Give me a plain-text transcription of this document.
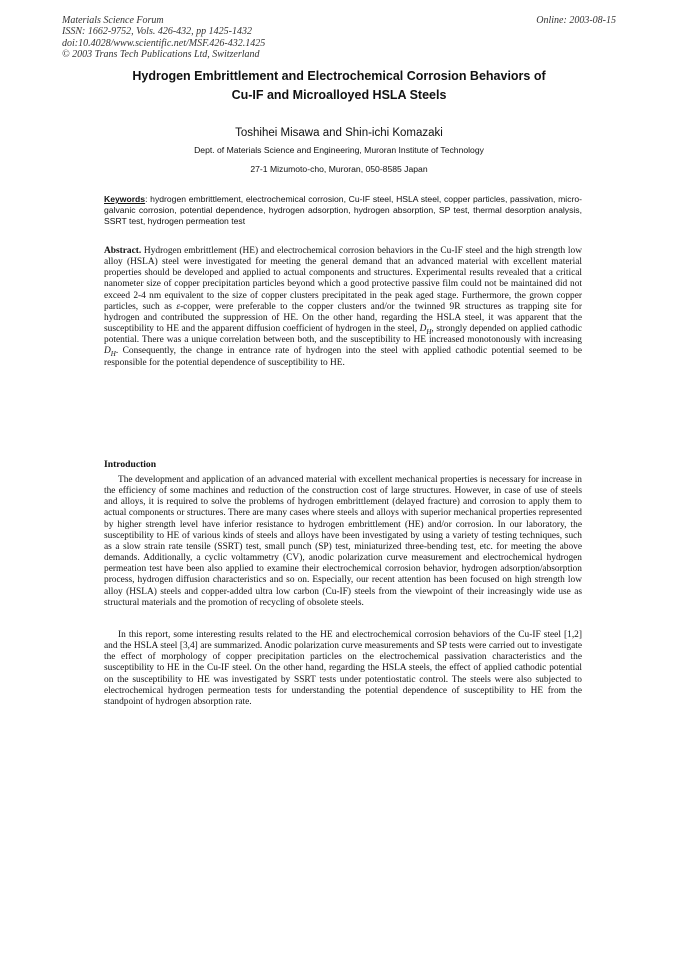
Materials Science Forum
ISSN: 1662-9752, Vols. 426-432, pp 1425-1432
doi:10.4028/www.scientific.net/MSF.426-432.1425
© 2003 Trans Tech Publications Ltd, Switzerland
Online: 2003-08-15
Hydrogen Embrittlement and Electrochemical Corrosion Behaviors of
Cu-IF and Microalloyed HSLA Steels
Toshihei Misawa and Shin-ichi Komazaki
Dept. of Materials Science and Engineering, Muroran Institute of Technology
27-1 Mizumoto-cho, Muroran, 050-8585 Japan
Keywords: hydrogen embrittlement, electrochemical corrosion, Cu-IF steel, HSLA steel, copper particles, passivation, micro-galvanic corrosion, potential dependence, hydrogen adsorption, hydrogen absorption, SP test, thermal desorption analysis, SSRT test, hydrogen permeation test
Abstract. Hydrogen embrittlement (HE) and electrochemical corrosion behaviors in the Cu-IF steel and the high strength low alloy (HSLA) steel were investigated for meeting the general demand that an advanced material with excellent material properties should be developed and applied to actual components and structures. Experimental results revealed that a critical nanometer size of copper precipitation particles beyond which a good protective passive film could not be maintained did not exceed 2-4 nm equivalent to the size of copper clusters precipitated in the peak aged stage. Furthermore, the grown copper particles, such as ε-copper, were preferable to the copper clusters and/or the twinned 9R structures as trapping site for hydrogen and contributed the suppression of HE. On the other hand, regarding the HSLA steel, it was apparent that the susceptibility to HE and the apparent diffusion coefficient of hydrogen in the steel, $D_H$, strongly depended on applied cathodic potential. There was a unique correlation between both, and the susceptibility to HE increased monotonously with increasing $D_H$. Consequently, the change in entrance rate of hydrogen into the steel with applied cathodic potential seemed to be responsible for the potential dependence of susceptibility to HE.
Introduction
The development and application of an advanced material with excellent mechanical properties is necessary for increase in the efficiency of some machines and reduction of the construction cost of large structures. However, in case of use of steels and alloys, it is required to solve the problems of hydrogen embrittlement (delayed fracture) and corrosion to apply them to actual components or structures. There are many cases where steels and alloys with superior mechanical properties represented by higher strength level have inferior resistance to hydrogen embrittlement (HE) and/or corrosion. In our laboratory, the susceptibility to HE of various kinds of steels and alloys have been investigated by using a variety of testing techniques, such as a slow strain rate tensile (SSRT) test, small punch (SP) test, miniaturized three-bending test, etc. for meeting the above demands. Additionally, a cyclic voltammetry (CV), anodic polarization curve measurement and electrochemical hydrogen permeation test have been also applied to examine their electrochemical corrosion behavior, hydrogen adsorption/absorption process, hydrogen diffusion characteristics and so on. Especially, our recent attention has been focused on high strength low alloy (HSLA) steels and copper-added ultra low carbon (Cu-IF) steels from the viewpoint of their increasingly wide use as structural materials and the promotion of recycling of obsolete steels.
In this report, some interesting results related to the HE and electrochemical corrosion behaviors of the Cu-IF steel [1,2] and the HSLA steel [3,4] are summarized. Anodic polarization curve measurements and SP tests were carried out to investigate the effect of morphology of copper precipitation particles on the electrochemical passivation characteristics and the susceptibility to HE in the Cu-IF steel. On the other hand, regarding the HSLA steels, the effect of applied cathodic potential on the susceptibility to HE was investigated by SSRT tests under potentiostatic control. The steels were also subjected to electrochemical hydrogen permeation tests for understanding the potential dependence of susceptibility to HE from the standpoint of hydrogen absorption rate.
